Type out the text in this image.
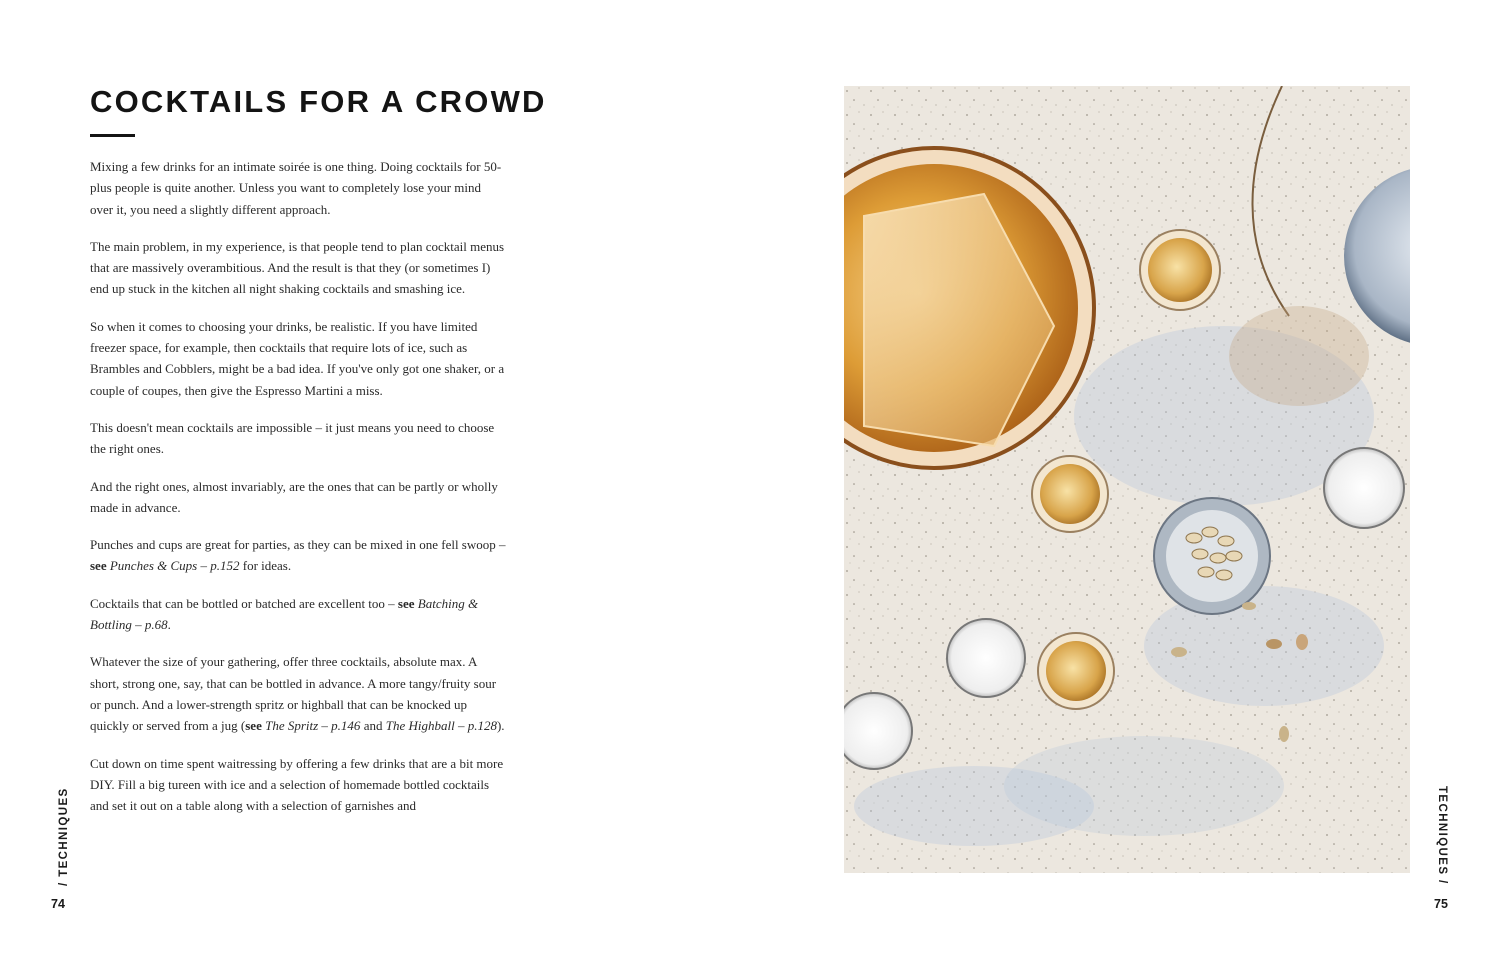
COCKTAILS FOR A CROWD

Mixing a few drinks for an intimate soirée is one thing. Doing cocktails for 50-plus people is quite another. Unless you want to completely lose your mind over it, you need a slightly different approach.

The main problem, in my experience, is that people tend to plan cocktail menus that are massively overambitious. And the result is that they (or sometimes I) end up stuck in the kitchen all night shaking cocktails and smashing ice.

So when it comes to choosing your drinks, be realistic. If you have limited freezer space, for example, then cocktails that require lots of ice, such as Brambles and Cobblers, might be a bad idea. If you've only got one shaker, or a couple of coupes, then give the Espresso Martini a miss.

This doesn't mean cocktails are impossible – it just means you need to choose the right ones.

And the right ones, almost invariably, are the ones that can be partly or wholly made in advance.

Punches and cups are great for parties, as they can be mixed in one fell swoop – see Punches & Cups – p.152 for ideas.

Cocktails that can be bottled or batched are excellent too – see Batching & Bottling – p.68.

Whatever the size of your gathering, offer three cocktails, absolute max. A short, strong one, say, that can be bottled in advance. A more tangy/fruity sour or punch. And a lower-strength spritz or highball that can be knocked up quickly or served from a jug (see The Spritz – p.146 and The Highball – p.128).

Cut down on time spent waitressing by offering a few drinks that are a bit more DIY. Fill a big tureen with ice and a selection of homemade bottled cocktails and set it out on a table along with a selection of garnishes and

/ TECHNIQUES
74
TECHNIQUES /
75
